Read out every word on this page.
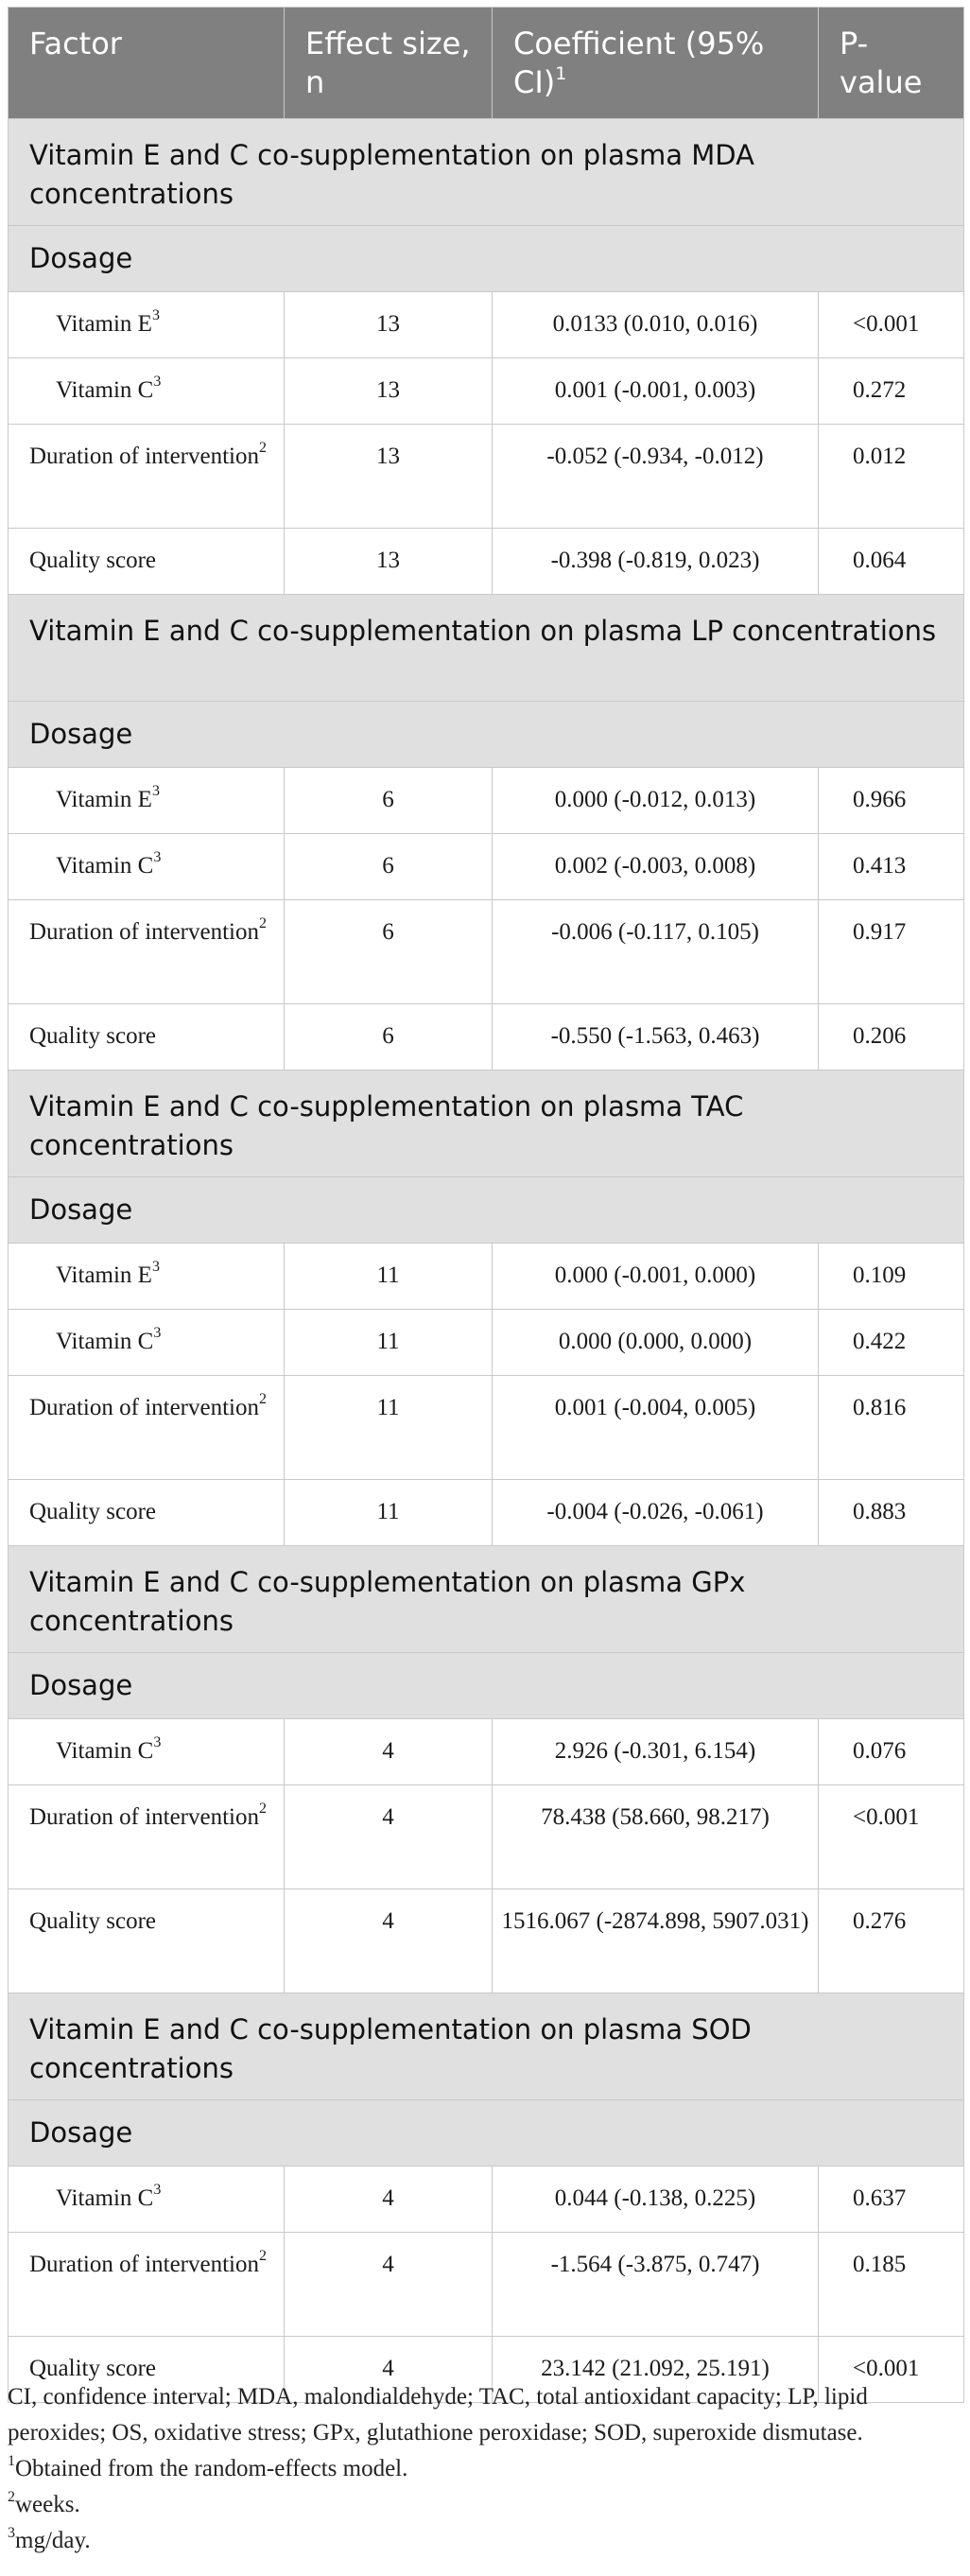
Factor	Effect size, n	Coefficient (95% CI)$^1$	P-value
Vitamin E and C co-supplementation on plasma MDA concentrations			
Dosage			
Vitamin $E^3$	13	0.0133 (0.010, 0.016)	<0.001
Vitamin $C^3$	13	0.001 (-0.001, 0.003)	0.272
Duration of intervention$^2$	13	-0.052 (-0.934, -0.012)	0.012
Quality score	13	-0.398 (-0.819, 0.023)	0.064
Vitamin E and C co-supplementation on plasma LP concentrations			
Dosage			
Vitamin $E^3$	6	0.000 (-0.012, 0.013)	0.966
Vitamin $C^3$	6	0.002 (-0.003, 0.008)	0.413
Duration of intervention$^2$	6	-0.006 (-0.117, 0.105)	0.917
Quality score	6	-0.550 (-1.563, 0.463)	0.206
Vitamin E and C co-supplementation on plasma TAC concentrations			
Dosage			
Vitamin $E^3$	11	0.000 (-0.001, 0.000)	0.109
Vitamin $C^3$	11	0.000 (0.000, 0.000)	0.422
Duration of intervention$^2$	11	0.001 (-0.004, 0.005)	0.816
Quality score	11	-0.004 (-0.026, -0.061)	0.883
Vitamin E and C co-supplementation on plasma GPx concentrations			
Dosage			
Vitamin $C^3$	4	2.926 (-0.301, 6.154)	0.076
Duration of intervention$^2$	4	78.438 (58.660, 98.217)	<0.001
Quality score	4	1516.067 (-2874.898, 5907.031)	0.276
Vitamin E and C co-supplementation on plasma SOD concentrations			
Dosage			
Vitamin $C^3$	4	0.044 (-0.138, 0.225)	0.637
Duration of intervention$^2$	4	-1.564 (-3.875, 0.747)	0.185
Quality score	4	23.142 (21.092, 25.191)	<0.001

CI, confidence interval; MDA, malondialdehyde; TAC, total antioxidant capacity; LP, lipid peroxides; OS, oxidative stress; GPx, glutathione peroxidase; SOD, superoxide dismutase.

$^1$Obtained from the random-effects model.

$^2$weeks.

$^3$mg/day.
